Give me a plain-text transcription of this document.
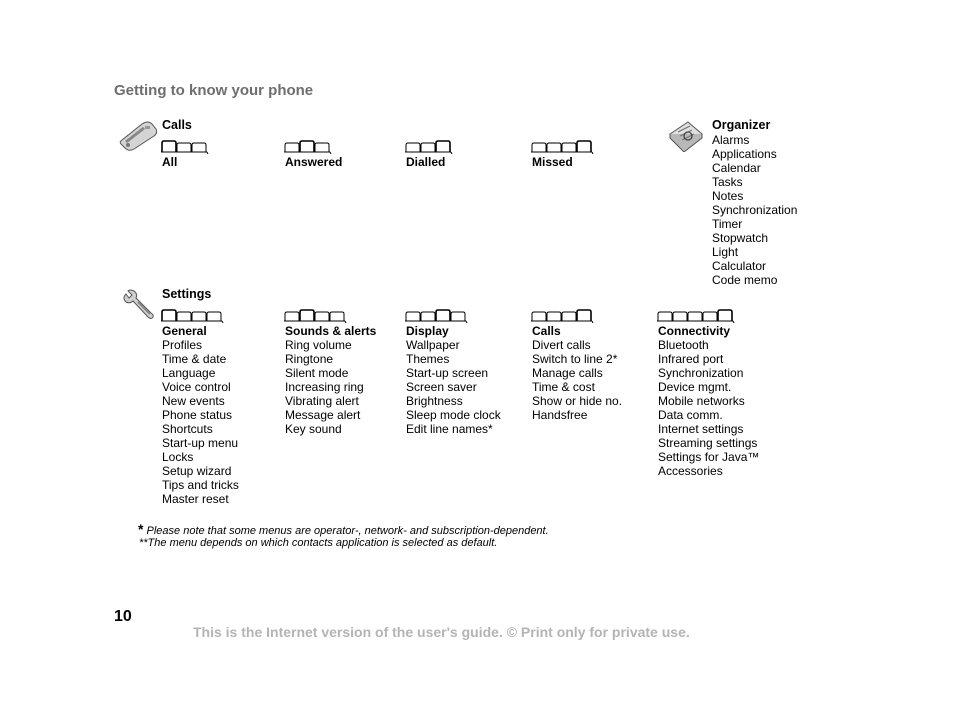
Getting to know your phone
Calls
All	Answered	Dialled	Missed
Organizer
Alarms
Applications
Calendar
Tasks
Notes
Synchronization
Timer
Stopwatch
Light
Calculator
Code memo
Settings
General
Profiles
Time & date
Language
Voice control
New events
Phone status
Shortcuts
Start-up menu
Locks
Setup wizard
Tips and tricks
Master reset
Sounds & alerts
Ring volume
Ringtone
Silent mode
Increasing ring
Vibrating alert
Message alert
Key sound
Display
Wallpaper
Themes
Start-up screen
Screen saver
Brightness
Sleep mode clock
Edit line names*
Calls
Divert calls
Switch to line 2*
Manage calls
Time & cost
Show or hide no.
Handsfree
Connectivity
Bluetooth
Infrared port
Synchronization
Device mgmt.
Mobile networks
Data comm.
Internet settings
Streaming settings
Settings for Java™
Accessories
* Please note that some menus are operator-, network- and subscription-dependent.
**The menu depends on which contacts application is selected as default.
10
This is the Internet version of the user's guide. © Print only for private use.
